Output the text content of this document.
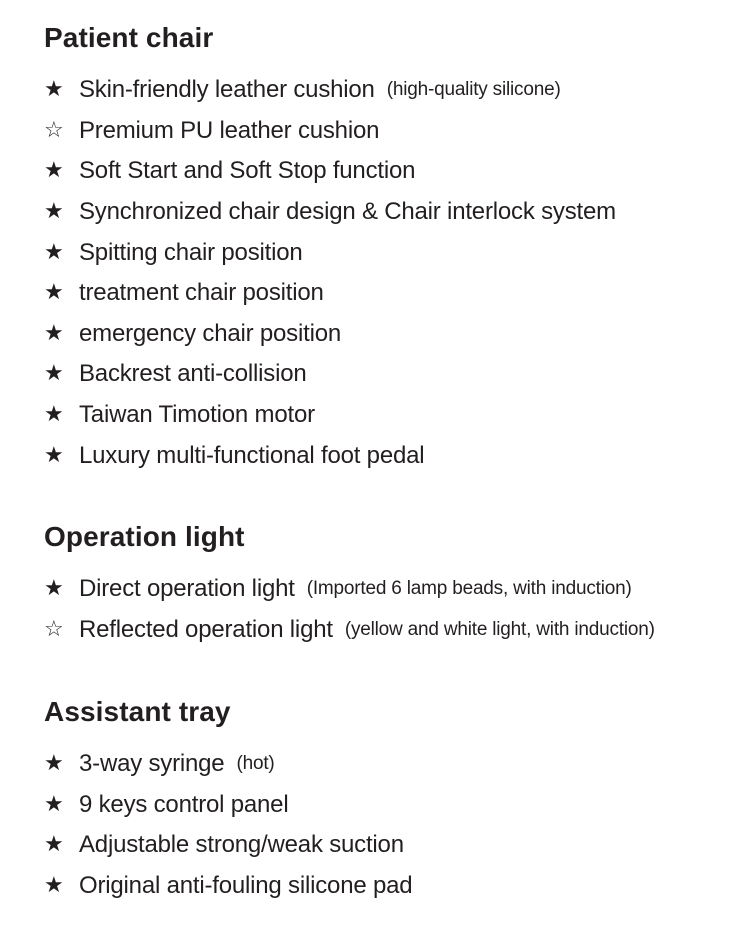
Patient chair
★ Skin-friendly leather cushion (high-quality silicone)
☆ Premium PU leather cushion
★ Soft Start and Soft Stop function
★ Synchronized chair design & Chair interlock system
★ Spitting chair position
★ treatment chair position
★ emergency chair position
★ Backrest anti-collision
★ Taiwan Timotion motor
★ Luxury multi-functional foot pedal
Operation light
★ Direct operation light (Imported 6 lamp beads, with induction)
☆ Reflected operation light (yellow and white light, with induction)
Assistant tray
★ 3-way syringe (hot)
★ 9 keys control panel
★ Adjustable strong/weak suction
★ Original anti-fouling silicone pad
